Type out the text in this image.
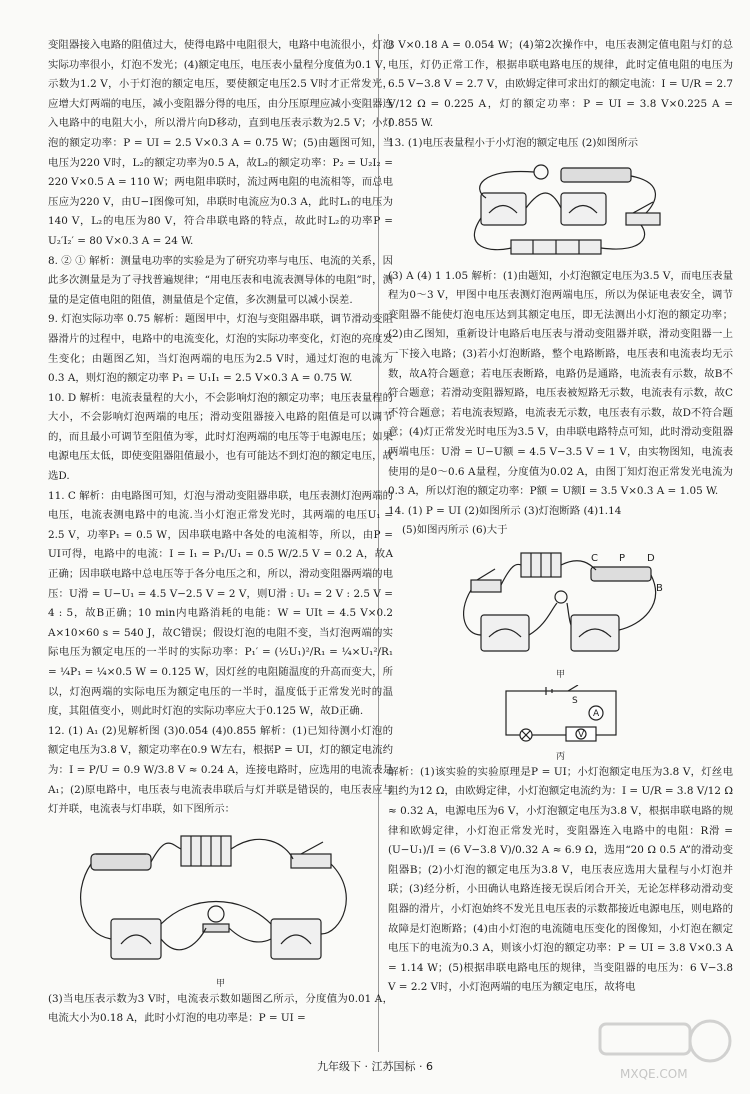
变阻器接入电路的阻值过大，使得电路中电阻很大，电路中电流很小，灯泡实际功率很小，灯泡不发光；(4)额定电压，电压表小量程分度值为0.1 V，示数为1.2 V，小于灯泡的额定电压，要使额定电压2.5 V时才正常发光，应增大灯两端的电压，减小变阻器分得的电压，由分压原理应减小变阻器连入电路中的电阻大小，所以滑片向D移动，直到电压表示数为2.5 V；小灯泡的额定功率：P = UI = 2.5 V×0.3 A = 0.75 W；(5)由题图可知，当电压为220 V时，L₂的额定功率为0.5 A，故L₂的额定功率：P₂ = U₂I₂ = 220 V×0.5 A = 110 W；两电阻串联时，流过两电阻的电流相等，而总电压应为220 V，由U−I图像可知，串联时电流应为0.3 A，此时L₁的电压为140 V，L₂的电压为80 V，符合串联电路的特点，故此时L₂的功率P = U₂′I₂′ = 80 V×0.3 A = 24 W.

8. ② ① 解析：测量电功率的实验是为了研究功率与电压、电流的关系，因此多次测量是为了寻找普遍规律；“用电压表和电流表测导体的电阻”时，测量的是定值电阻的阻值，测量值是个定值，多次测量可以减小误差.

9. 灯泡实际功率 0.75 解析：题图甲中，灯泡与变阻器串联，调节滑动变阻器滑片的过程中，电路中的电流变化，灯泡的实际功率变化，灯泡的亮度发生变化；由题图乙知，当灯泡两端的电压为2.5 V时，通过灯泡的电流为0.3 A，则灯泡的额定功率 P₁ = U₁I₁ = 2.5 V×0.3 A = 0.75 W.

10. D 解析：电流表量程的大小，不会影响灯泡的额定功率；电压表量程的大小，不会影响灯泡两端的电压；滑动变阻器接入电路的阻值是可以调节的，而且最小可调节至阻值为零，此时灯泡两端的电压等于电源电压；如果电源电压太低，即使变阻器阻值最小，也有可能达不到灯泡的额定电压，故选D.

11. C 解析：由电路图可知，灯泡与滑动变阻器串联，电压表测灯泡两端的电压，电流表测电路中的电流.当小灯泡正常发光时，其两端的电压U₁ = 2.5 V，功率P₁ = 0.5 W，因串联电路中各处的电流相等，所以，由P = UI可得，电路中的电流：I = I₁ = P₁/U₁ = 0.5 W/2.5 V = 0.2 A，故A正确；因串联电路中总电压等于各分电压之和，所以，滑动变阻器两端的电压：U滑 = U−U₁ = 4.5 V−2.5 V = 2 V，则U滑 : U₁ = 2 V : 2.5 V = 4 : 5，故B正确；10 min内电路消耗的电能：W = UIt = 4.5 V×0.2 A×10×60 s = 540 J，故C错误；假设灯泡的电阻不变，当灯泡两端的实际电压为额定电压的一半时的实际功率：P₁′ = (½U₁)²/R₁ = ¼×U₁²/R₁ = ¼P₁ = ¼×0.5 W = 0.125 W，因灯丝的电阻随温度的升高而变大，所以，灯泡两端的实际电压为额定电压的一半时，温度低于正常发光时的温度，其阻值变小，则此时灯泡的实际功率应大于0.125 W，故D正确.

12. (1) A₁ (2)见解析图 (3)0.054 (4)0.855 解析：(1)已知待测小灯泡的额定电压为3.8 V，额定功率在0.9 W左右，根据P = UI，灯的额定电流约为：I = P/U = 0.9 W/3.8 V ≈ 0.24 A，连接电路时，应选用的电流表是A₁；(2)原电路中，电压表与电流表串联后与灯并联是错误的，电压表应与灯并联，电流表与灯串联，如下图所示：

甲

(3)当电压表示数为3 V时，电流表示数如题图乙所示，分度值为0.01 A，电流大小为0.18 A，此时小灯泡的电功率是：P = UI =

3 V×0.18 A = 0.054 W；(4)第2次操作中，电压表测定值电阻与灯的总电压，灯仍正常工作，根据串联电路电压的规律，此时定值电阻的电压为6.5 V−3.8 V = 2.7 V，由欧姆定律可求出灯的额定电流：I = U/R = 2.7 V/12 Ω = 0.225 A，灯的额定功率：P = UI = 3.8 V×0.225 A = 0.855 W.

13. (1)电压表量程小于小灯泡的额定电压 (2)如图所示

(3) A (4) 1 1.05 解析：(1)由题知，小灯泡额定电压为3.5 V，而电压表量程为0～3 V，甲图中电压表测灯泡两端电压，所以为保证电表安全，调节变阻器不能使灯泡电压达到其额定电压，即无法测出小灯泡的额定功率；(2)由乙图知，重新设计电路后电压表与滑动变阻器并联，滑动变阻器一上一下接入电路；(3)若小灯泡断路，整个电路断路，电压表和电流表均无示数，故A符合题意；若电压表断路，电路仍是通路，电流表有示数，故B不符合题意；若滑动变阻器短路，电压表被短路无示数，电流表有示数，故C不符合题意；若电流表短路，电流表无示数，电压表有示数，故D不符合题意；(4)灯正常发光时电压为3.5 V，由串联电路特点可知，此时滑动变阻器两端电压：U滑 = U−U额 = 4.5 V−3.5 V = 1 V，由实物图知，电流表使用的是0～0.6 A量程，分度值为0.02 A，由图丁知灯泡正常发光电流为0.3 A，所以灯泡的额定功率：P额 = U额I = 3.5 V×0.3 A = 1.05 W.

14. (1) P = UI (2)如图所示 (3)灯泡断路 (4)1.14

(5)如图丙所示 (6)大于

C P D
B
甲
S
A
V
丙

解析：(1)该实验的实验原理是P = UI；小灯泡额定电压为3.8 V，灯丝电阻约为12 Ω，由欧姆定律，小灯泡额定电流约为：I = U/R = 3.8 V/12 Ω ≈ 0.32 A，电源电压为6 V，小灯泡额定电压为3.8 V，根据串联电路的规律和欧姆定律，小灯泡正常发光时，变阻器连入电路中的电阻：R滑 = (U−U₁)/I = (6 V−3.8 V)/0.32 A ≈ 6.9 Ω，选用“20 Ω 0.5 A”的滑动变阻器B；(2)小灯泡的额定电压为3.8 V，电压表应选用大量程与小灯泡并联；(3)经分析，小田确认电路连接无误后闭合开关，无论怎样移动滑动变阻器的滑片，小灯泡始终不发光且电压表的示数都接近电源电压，则电路的故障是灯泡断路；(4)由小灯泡的电流随电压变化的图像知，小灯泡在额定电压下的电流为0.3 A，则该小灯泡的额定功率：P = UI = 3.8 V×0.3 A = 1.14 W；(5)根据串联电路电压的规律，当变阻器的电压为：6 V−3.8 V = 2.2 V时，小灯泡两端的电压为额定电压，故将电

九年级下 · 江苏国标 · 6
MXQE.COM
